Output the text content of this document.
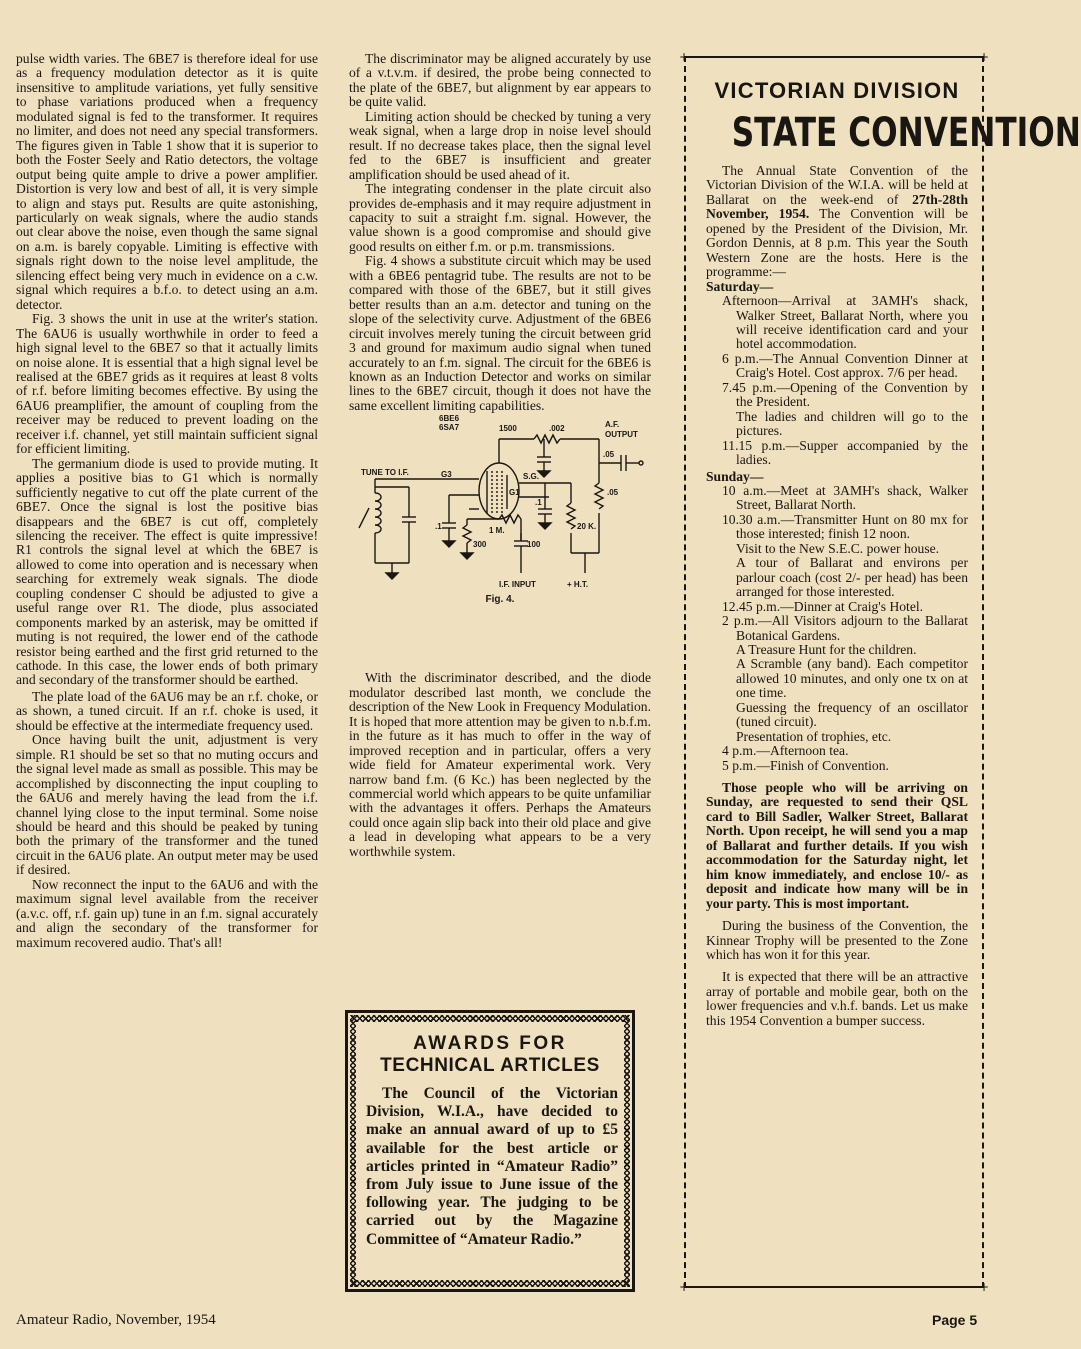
pulse width varies. The 6BE7 is therefore ideal for use as a frequency modulation detector as it is quite insensitive to amplitude variations, yet fully sensitive to phase variations produced when a frequency modulated signal is fed to the transformer. It requires no limiter, and does not need any special transformers. The figures given in Table 1 show that it is superior to both the Foster Seely and Ratio detectors, the voltage output being quite ample to drive a power amplifier. Distortion is very low and best of all, it is very simple to align and stays put. Results are quite astonishing, particularly on weak signals, where the audio stands out clear above the noise, even though the same signal on a.m. is barely copyable. Limiting is effective with signals right down to the noise level amplitude, the silencing effect being very much in evidence on a c.w. signal which requires a b.f.o. to detect using an a.m. detector.

Fig. 3 shows the unit in use at the writer's station. The 6AU6 is usually worthwhile in order to feed a high signal level to the 6BE7 so that it actually limits on noise alone. It is essential that a high signal level be realised at the 6BE7 grids as it requires at least 8 volts of r.f. before limiting becomes effective. By using the 6AU6 preamplifier, the amount of coupling from the receiver may be reduced to prevent loading on the receiver i.f. channel, yet still maintain sufficient signal for efficient limiting.

The germanium diode is used to provide muting. It applies a positive bias to G1 which is normally sufficiently negative to cut off the plate current of the 6BE7. Once the signal is lost the positive bias disappears and the 6BE7 is cut off, completely silencing the receiver. The effect is quite impressive! R1 controls the signal level at which the 6BE7 is allowed to come into operation and is necessary when searching for extremely weak signals. The diode coupling condenser C should be adjusted to give a useful range over R1. The diode, plus associated components marked by an asterisk, may be omitted if muting is not required, the lower end of the cathode resistor being earthed and the first grid returned to the cathode. In this case, the lower ends of both primary and secondary of the transformer should be earthed.

The plate load of the 6AU6 may be an r.f. choke, or as shown, a tuned circuit. If an r.f. choke is used, it should be effective at the intermediate frequency used.

Once having built the unit, adjustment is very simple. R1 should be set so that no muting occurs and the signal level made as small as possible. This may be accomplished by disconnecting the input coupling to the 6AU6 and merely having the lead from the i.f. channel lying close to the input terminal. Some noise should be heard and this should be peaked by tuning both the primary of the transformer and the tuned circuit in the 6AU6 plate. An output meter may be used if desired.

Now reconnect the input to the 6AU6 and with the maximum signal level available from the receiver (a.v.c. off, r.f. gain up) tune in an f.m. signal accurately and align the secondary of the transformer for maximum recovered audio. That's all!

The discriminator may be aligned accurately by use of a v.t.v.m. if desired, the probe being connected to the plate of the 6BE7, but alignment by ear appears to be quite valid.

Limiting action should be checked by tuning a very weak signal, when a large drop in noise level should result. If no decrease takes place, then the signal level fed to the 6BE7 is insufficient and greater amplification should be used ahead of it.

The integrating condenser in the plate circuit also provides de-emphasis and it may require adjustment in capacity to suit a straight f.m. signal. However, the value shown is a good compromise and should give good results on either f.m. or p.m. transmissions.

Fig. 4 shows a substitute circuit which may be used with a 6BE6 pentagrid tube. The results are not to be compared with those of the 6BE7, but it still gives better results than an a.m. detector and tuning on the slope of the selectivity curve. Adjustment of the 6BE6 circuit involves merely tuning the circuit between grid 3 and ground for maximum audio signal when tuned accurately to an f.m. signal. The circuit for the 6BE6 is known as an Induction Detector and works on similar lines to the 6BE7 circuit, though it does not have the same excellent limiting capabilities.

6BE6
6SA7	1500	.002	A.F.
OUTPUT
.05
.05
TUNE TO I.F.	G3	S.G.
G1
.1
.1	1 M.	20 K.
300	100
I.F. INPUT	+ H.T.
Fig. 4.

With the discriminator described, and the diode modulator described last month, we conclude the description of the New Look in Frequency Modulation. It is hoped that more attention may be given to n.b.f.m. in the future as it has much to offer in the way of improved reception and in particular, offers a very wide field for Amateur experimental work. Very narrow band f.m. (6 Kc.) has been neglected by the commercial world which appears to be quite unfamiliar with the advantages it offers. Perhaps the Amateurs could once again slip back into their old place and give a lead in developing what appears to be a very worthwhile system.

AWARDS FOR
TECHNICAL ARTICLES

The Council of the Victorian Division, W.I.A., have decided to make an annual award of up to £5 available for the best article or articles printed in “Amateur Radio” from July issue to June issue of the following year. The judging to be carried out by the Magazine Committee of “Amateur Radio.”

+	+
+	+
VICTORIAN DIVISION
STATE CONVENTION

The Annual State Convention of the Victorian Division of the W.I.A. will be held at Ballarat on the week-end of 27th-28th November, 1954. The Convention will be opened by the President of the Division, Mr. Gordon Dennis, at 8 p.m. This year the South Western Zone are the hosts. Here is the programme:—

Saturday—

Afternoon—Arrival at 3AMH's shack, Walker Street, Ballarat North, where you will receive identification card and your hotel accommodation.

6 p.m.—The Annual Convention Dinner at Craig's Hotel. Cost approx. 7/6 per head.

7.45 p.m.—Opening of the Convention by the President.

The ladies and children will go to the pictures.

11.15 p.m.—Supper accompanied by the ladies.

Sunday—

10 a.m.—Meet at 3AMH's shack, Walker Street, Ballarat North.

10.30 a.m.—Transmitter Hunt on 80 mx for those interested; finish 12 noon.

Visit to the New S.E.C. power house.

A tour of Ballarat and environs per parlour coach (cost 2/- per head) has been arranged for those interested.

12.45 p.m.—Dinner at Craig's Hotel.

2 p.m.—All Visitors adjourn to the Ballarat Botanical Gardens.

A Treasure Hunt for the children.

A Scramble (any band). Each competitor allowed 10 minutes, and only one tx on at one time.

Guessing the frequency of an oscillator (tuned circuit).

Presentation of trophies, etc.

4 p.m.—Afternoon tea.

5 p.m.—Finish of Convention.

Those people who will be arriving on Sunday, are requested to send their QSL card to Bill Sadler, Walker Street, Ballarat North. Upon receipt, he will send you a map of Ballarat and further details. If you wish accommodation for the Saturday night, let him know immediately, and enclose 10/- as deposit and indicate how many will be in your party. This is most important.

During the business of the Convention, the Kinnear Trophy will be presented to the Zone which has won it for this year.

It is expected that there will be an attractive array of portable and mobile gear, both on the lower frequencies and v.h.f. bands. Let us make this 1954 Convention a bumper success.

Amateur Radio, November, 1954	Page 5
